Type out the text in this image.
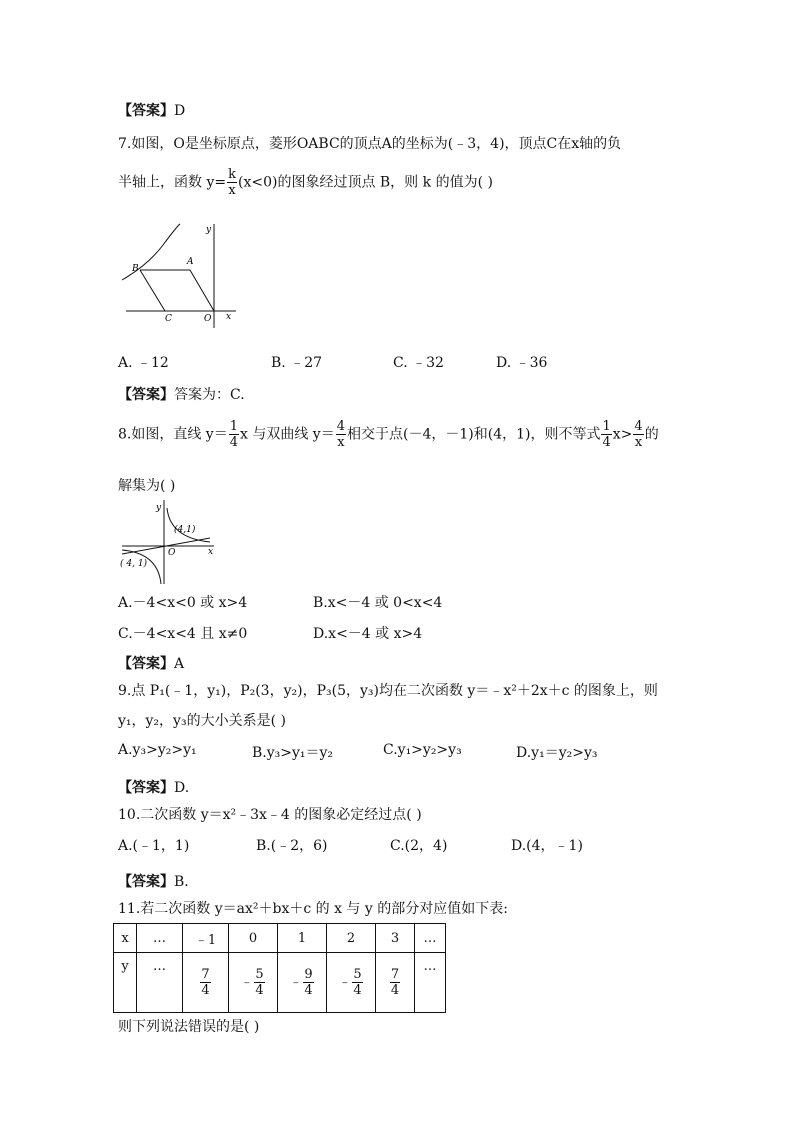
【答案】D
7.如图，O是坐标原点，菱形OABC的顶点A的坐标为(﹣3，4)，顶点C在x轴的负
半轴上，函数 $y= \frac{k}{x} (x<0)$的图象经过顶点 B，则 k 的值为( )
y
B
A
C	O x
A. ﹣12	B. ﹣27	C. ﹣32	D. ﹣36
【答案】答案为：C.
8.如图，直线 $y= \frac{1}{4}$ x 与双曲线 $y= \frac{4}{x}$ 相交于点(－4，－1)和(4，1)，则不等式 $\frac{1}{4} x> \frac{4}{x}$ 的
解集为( )
y
(4,1)
O	x
( 4, 1)
A.－4<x<0 或 x>4	B.x<－4 或 0<x<4
C.－4<x<4 且 x≠0	D.x<－4 或 x>4
【答案】A
9.点 P₁(﹣1，y₁)，P₂(3，y₂)，P₃(5，y₃)均在二次函数 y＝﹣x²＋2x＋c 的图象上，则
y₁，y₂，y₃的大小关系是( )
A.y₃>y₂>y₁	B.y₃>y₁＝y₂	C.y₁>y₂>y₃	D.y₁＝y₂>y₃
【答案】D.
10.二次函数 y＝x²﹣3x﹣4 的图象必定经过点( )
A.(﹣1，1)	B.(﹣2，6)	C.(2，4)	D.(4，﹣1)
【答案】B.
11.若二次函数 y＝ax²＋bx＋c 的 x 与 y 的部分对应值如下表:
x	…	﹣1	0	1	2	3	…
y	…	$\frac{7}{4}$	﹣ $\frac{5}{4}$	﹣ $\frac{9}{4}$	﹣ $\frac{5}{4}$	$\frac{7}{4}$	…
则下列说法错误的是( )
